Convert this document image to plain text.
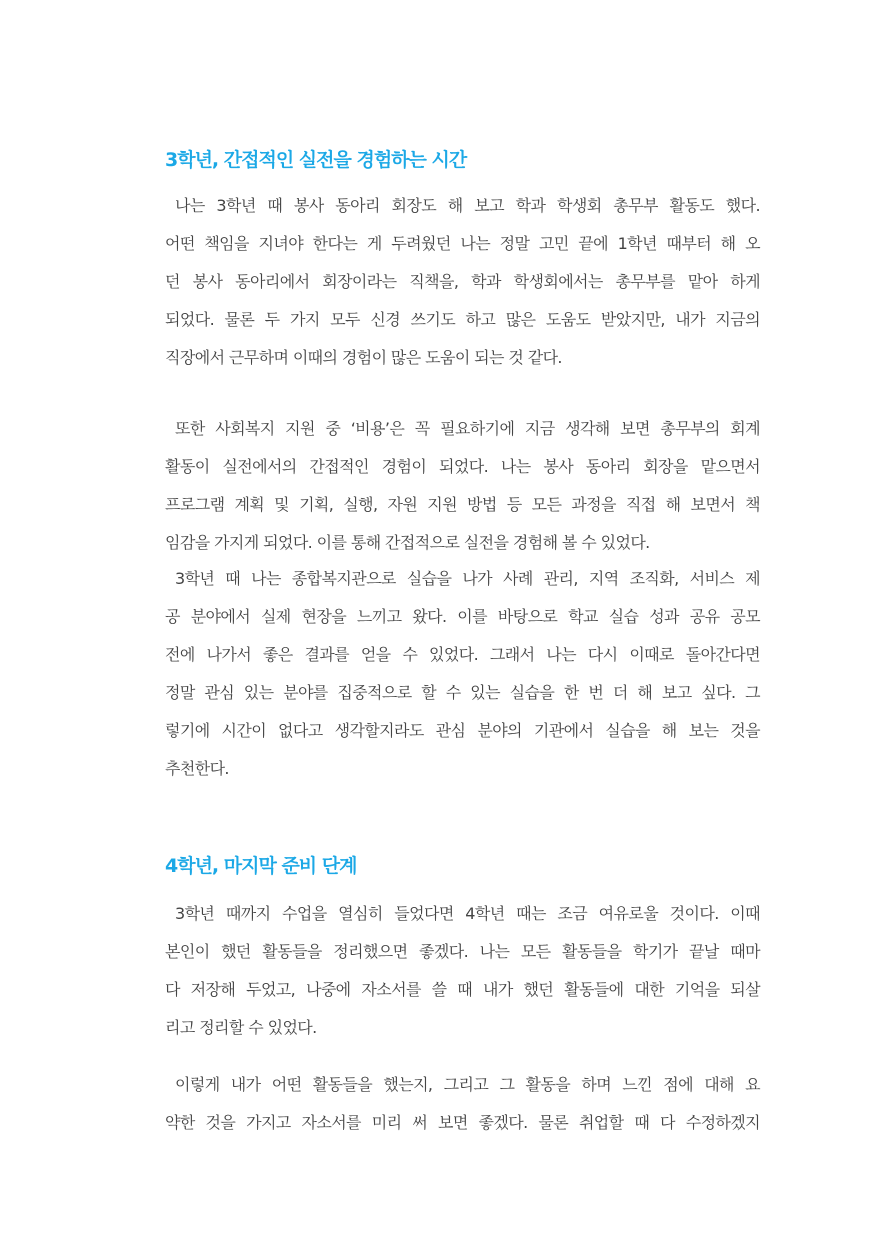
3학년, 간접적인 실전을 경험하는 시간
나는 3학년 때 봉사 동아리 회장도 해 보고 학과 학생회 총무부 활동도 했다.
어떤 책임을 지녀야 한다는 게 두려웠던 나는 정말 고민 끝에 1학년 때부터 해 오
던 봉사 동아리에서 회장이라는 직책을, 학과 학생회에서는 총무부를 맡아 하게
되었다. 물론 두 가지 모두 신경 쓰기도 하고 많은 도움도 받았지만, 내가 지금의
직장에서 근무하며 이때의 경험이 많은 도움이 되는 것 같다.
또한 사회복지 지원 중 ‘비용’은 꼭 필요하기에 지금 생각해 보면 총무부의 회계
활동이 실전에서의 간접적인 경험이 되었다. 나는 봉사 동아리 회장을 맡으면서
프로그램 계획 및 기획, 실행, 자원 지원 방법 등 모든 과정을 직접 해 보면서 책
임감을 가지게 되었다. 이를 통해 간접적으로 실전을 경험해 볼 수 있었다.
3학년 때 나는 종합복지관으로 실습을 나가 사례 관리, 지역 조직화, 서비스 제
공 분야에서 실제 현장을 느끼고 왔다. 이를 바탕으로 학교 실습 성과 공유 공모
전에 나가서 좋은 결과를 얻을 수 있었다. 그래서 나는 다시 이때로 돌아간다면
정말 관심 있는 분야를 집중적으로 할 수 있는 실습을 한 번 더 해 보고 싶다. 그
렇기에 시간이 없다고 생각할지라도 관심 분야의 기관에서 실습을 해 보는 것을
추천한다.
4학년, 마지막 준비 단계
3학년 때까지 수업을 열심히 들었다면 4학년 때는 조금 여유로울 것이다. 이때
본인이 했던 활동들을 정리했으면 좋겠다. 나는 모든 활동들을 학기가 끝날 때마
다 저장해 두었고, 나중에 자소서를 쓸 때 내가 했던 활동들에 대한 기억을 되살
리고 정리할 수 있었다.
이렇게 내가 어떤 활동들을 했는지, 그리고 그 활동을 하며 느낀 점에 대해 요
약한 것을 가지고 자소서를 미리 써 보면 좋겠다. 물론 취업할 때 다 수정하겠지
